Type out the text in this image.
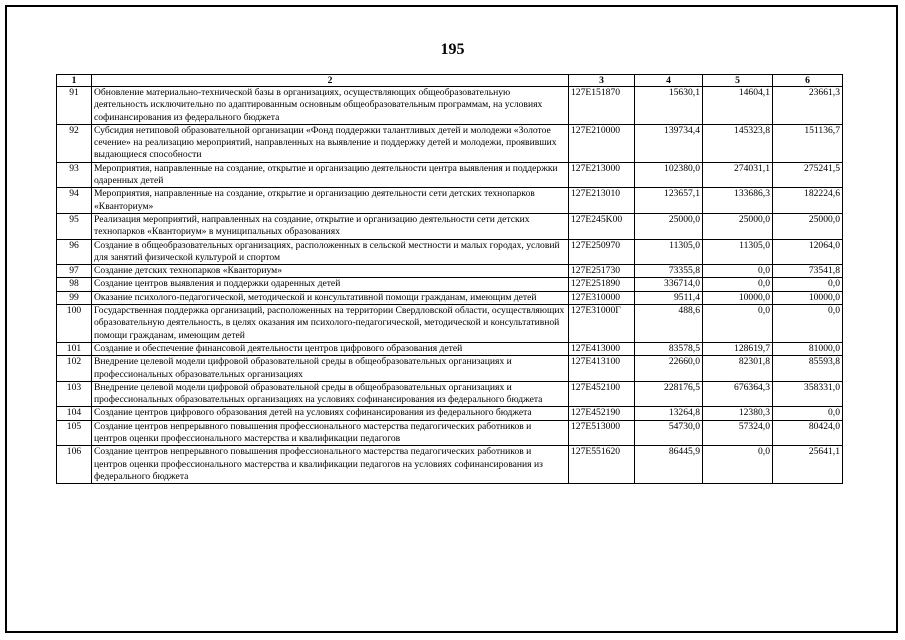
195
1	2	3	4	5	6
91	Обновление материально-технической базы в организациях, осуществляющих общеобразовательную деятельность исключительно по адаптированным основным общеобразовательным программам, на условиях софинансирования из федерального бюджета	127E151870	15630,1	14604,1	23661,3
92	Субсидия нетиповой образовательной организации «Фонд поддержки талантливых детей и молодежи «Золотое сечение» на реализацию мероприятий, направленных на выявление и поддержку детей и молодежи, проявивших выдающиеся способности	127E210000	139734,4	145323,8	151136,7
93	Мероприятия, направленные на создание, открытие и организацию деятельности центра выявления и поддержки одаренных детей	127E213000	102380,0	274031,1	275241,5
94	Мероприятия, направленные на создание, открытие и организацию деятельности сети детских технопарков «Кванториум»	127E213010	123657,1	133686,3	182224,6
95	Реализация мероприятий, направленных на создание, открытие и организацию деятельности сети детских технопарков «Кванториум» в муниципальных образованиях	127E245K00	25000,0	25000,0	25000,0
96	Создание в общеобразовательных организациях, расположенных в сельской местности и малых городах, условий для занятий физической культурой и спортом	127E250970	11305,0	11305,0	12064,0
97	Создание детских технопарков «Кванториум»	127E251730	73355,8	0,0	73541,8
98	Создание центров выявления и поддержки одаренных детей	127E251890	336714,0	0,0	0,0
99	Оказание психолого-педагогической, методической и консультативной помощи гражданам, имеющим детей	127E310000	9511,4	10000,0	10000,0
100	Государственная поддержка организаций, расположенных на территории Свердловской области, осуществляющих образовательную деятельность, в целях оказания им психолого-педагогической, методической и консультативной помощи гражданам, имеющим детей	127E31000Г	488,6	0,0	0,0
101	Создание и обеспечение финансовой деятельности центров цифрового образования детей	127E413000	83578,5	128619,7	81000,0
102	Внедрение целевой модели цифровой образовательной среды в общеобразовательных организациях и профессиональных образовательных организациях	127E413100	22660,0	82301,8	85593,8
103	Внедрение целевой модели цифровой образовательной среды в общеобразовательных организациях и профессиональных образовательных организациях на условиях софинансирования из федерального бюджета	127E452100	228176,5	676364,3	358331,0
104	Создание центров цифрового образования детей на условиях софинансирования из федерального бюджета	127E452190	13264,8	12380,3	0,0
105	Создание центров непрерывного повышения профессионального мастерства педагогических работников и центров оценки профессионального мастерства и квалификации педагогов	127E513000	54730,0	57324,0	80424,0
106	Создание центров непрерывного повышения профессионального мастерства педагогических работников и центров оценки профессионального мастерства и квалификации педагогов на условиях софинансирования из федерального бюджета	127E551620	86445,9	0,0	25641,1
